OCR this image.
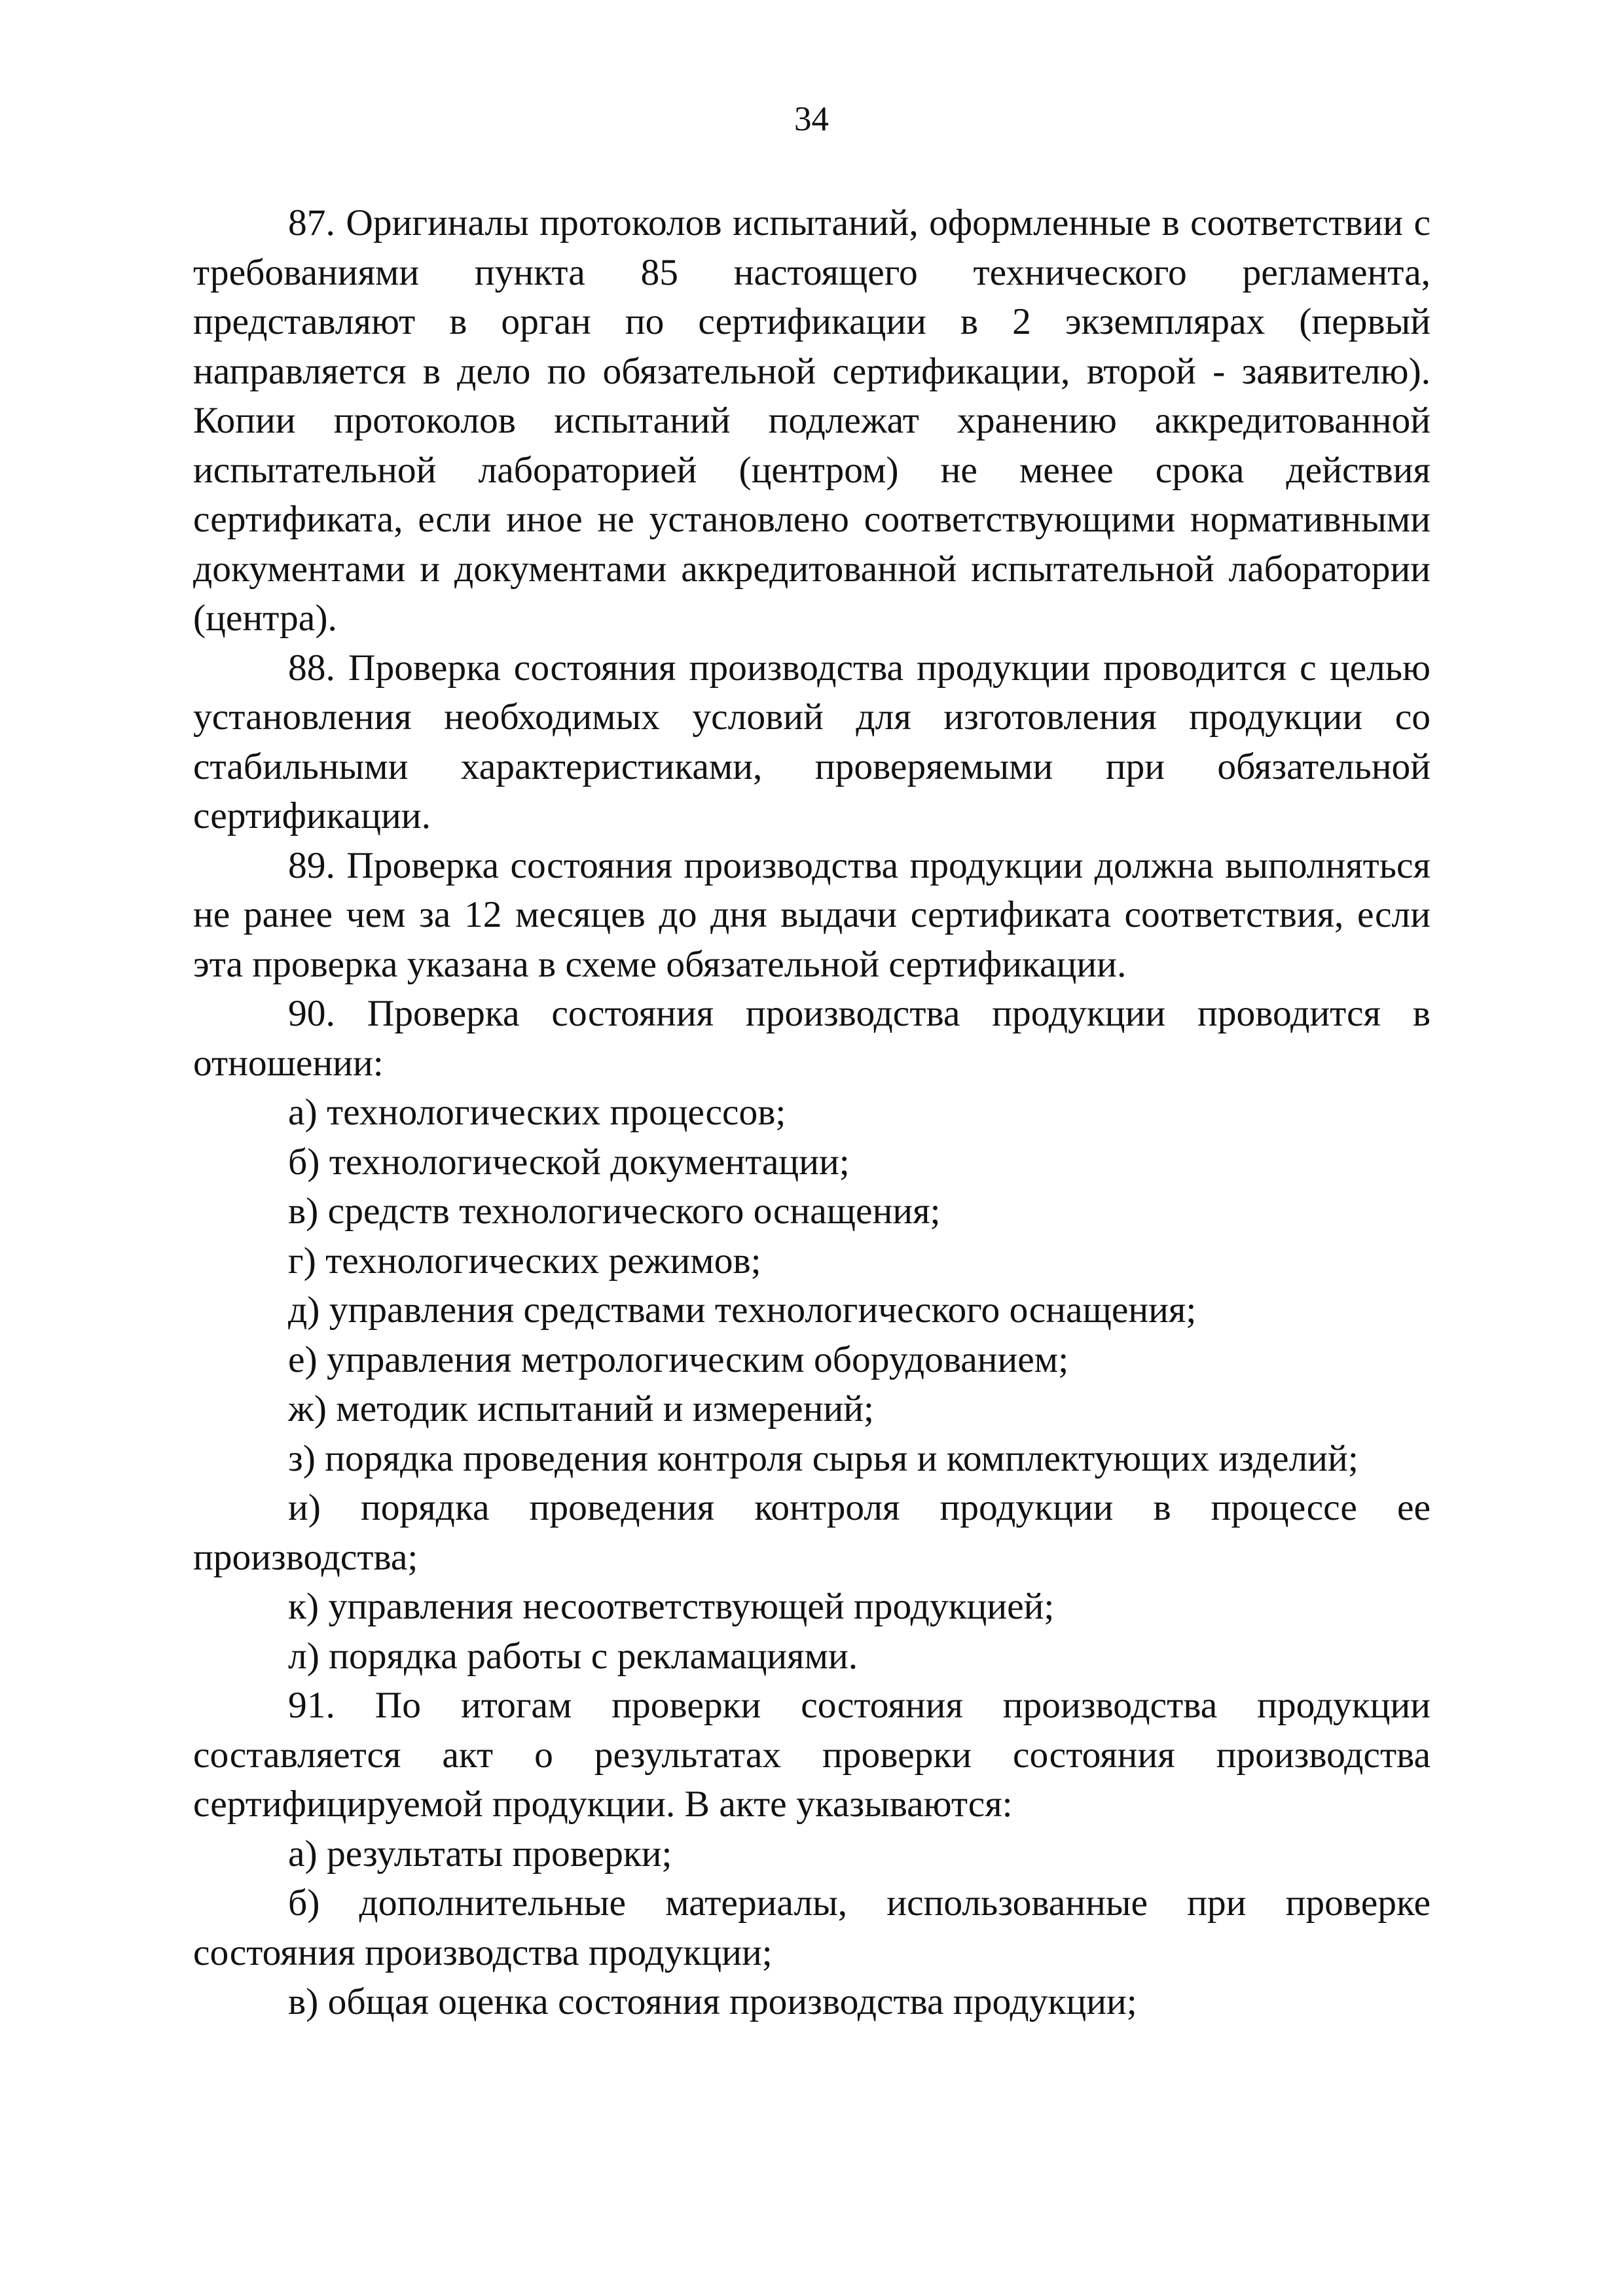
34

87. Оригиналы протоколов испытаний, оформленные в соответствии с требованиями пункта 85 настоящего технического регламента, представляют в орган по сертификации в 2 экземплярах (первый направляется в дело по обязательной сертификации, второй - заявителю). Копии протоколов испытаний подлежат хранению аккредитованной испытательной лабораторией (центром) не менее срока действия сертификата, если иное не установлено соответствующими нормативными документами и документами аккредитованной испытательной лаборатории (центра).

88. Проверка состояния производства продукции проводится с целью установления необходимых условий для изготовления продукции со стабильными характеристиками, проверяемыми при обязательной сертификации.

89. Проверка состояния производства продукции должна выполняться не ранее чем за 12 месяцев до дня выдачи сертификата соответствия, если эта проверка указана в схеме обязательной сертификации.

90. Проверка состояния производства продукции проводится в отношении:

а) технологических процессов;

б) технологической документации;

в) средств технологического оснащения;

г) технологических режимов;

д) управления средствами технологического оснащения;

е) управления метрологическим оборудованием;

ж) методик испытаний и измерений;

з) порядка проведения контроля сырья и комплектующих изделий;

и) порядка проведения контроля продукции в процессе ее производства;

к) управления несоответствующей продукцией;

л) порядка работы с рекламациями.

91. По итогам проверки состояния производства продукции составляется акт о результатах проверки состояния производства сертифицируемой продукции. В акте указываются:

а) результаты проверки;

б) дополнительные материалы, использованные при проверке состояния производства продукции;

в) общая оценка состояния производства продукции;
